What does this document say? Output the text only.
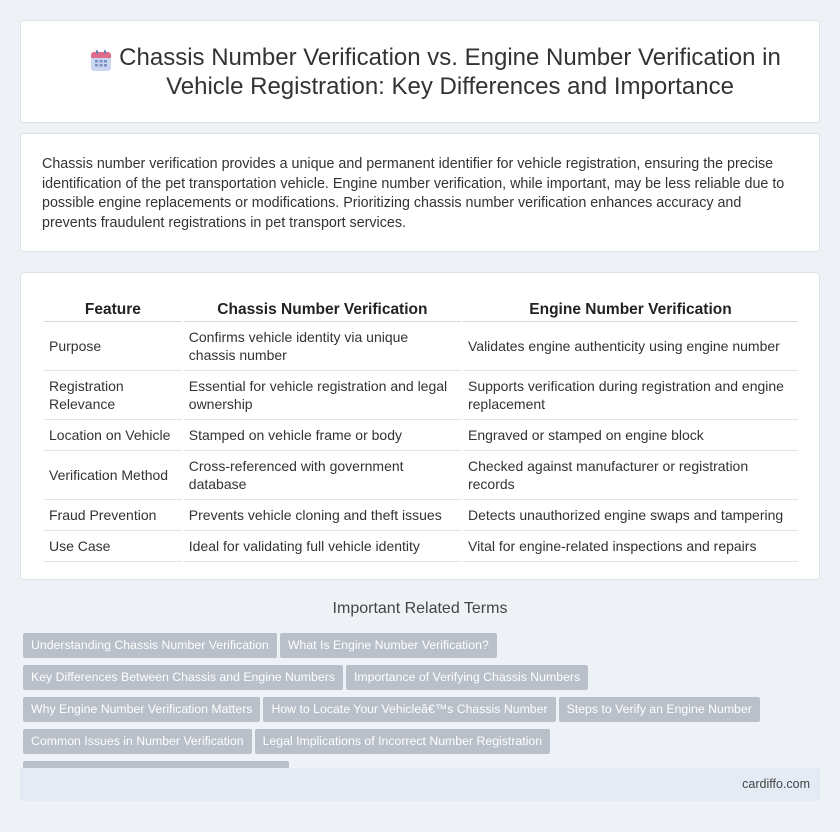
Chassis Number Verification vs. Engine Number Verification in Vehicle Registration: Key Differences and Importance

Chassis number verification provides a unique and permanent identifier for vehicle registration, ensuring the precise identification of the pet transportation vehicle. Engine number verification, while important, may be less reliable due to possible engine replacements or modifications. Prioritizing chassis number verification enhances accuracy and prevents fraudulent registrations in pet transport services.

Feature	Chassis Number Verification	Engine Number Verification
Purpose	Confirms vehicle identity via unique chassis number	Validates engine authenticity using engine number
Registration Relevance	Essential for vehicle registration and legal ownership	Supports verification during registration and engine replacement
Location on Vehicle	Stamped on vehicle frame or body	Engraved or stamped on engine block
Verification Method	Cross-referenced with government database	Checked against manufacturer or registration records
Fraud Prevention	Prevents vehicle cloning and theft issues	Detects unauthorized engine swaps and tampering
Use Case	Ideal for validating full vehicle identity	Vital for engine-related inspections and repairs
Important Related Terms
Understanding Chassis Number Verification What Is Engine Number Verification?Key Differences Between Chassis and Engine Numbers Importance of Verifying Chassis NumbersWhy Engine Number Verification Matters How to Locate Your Vehicleâ€™s Chassis Number Steps to Verify an Engine NumberCommon Issues in Number Verification Legal Implications of Incorrect Number Registration
cardiffo.com
